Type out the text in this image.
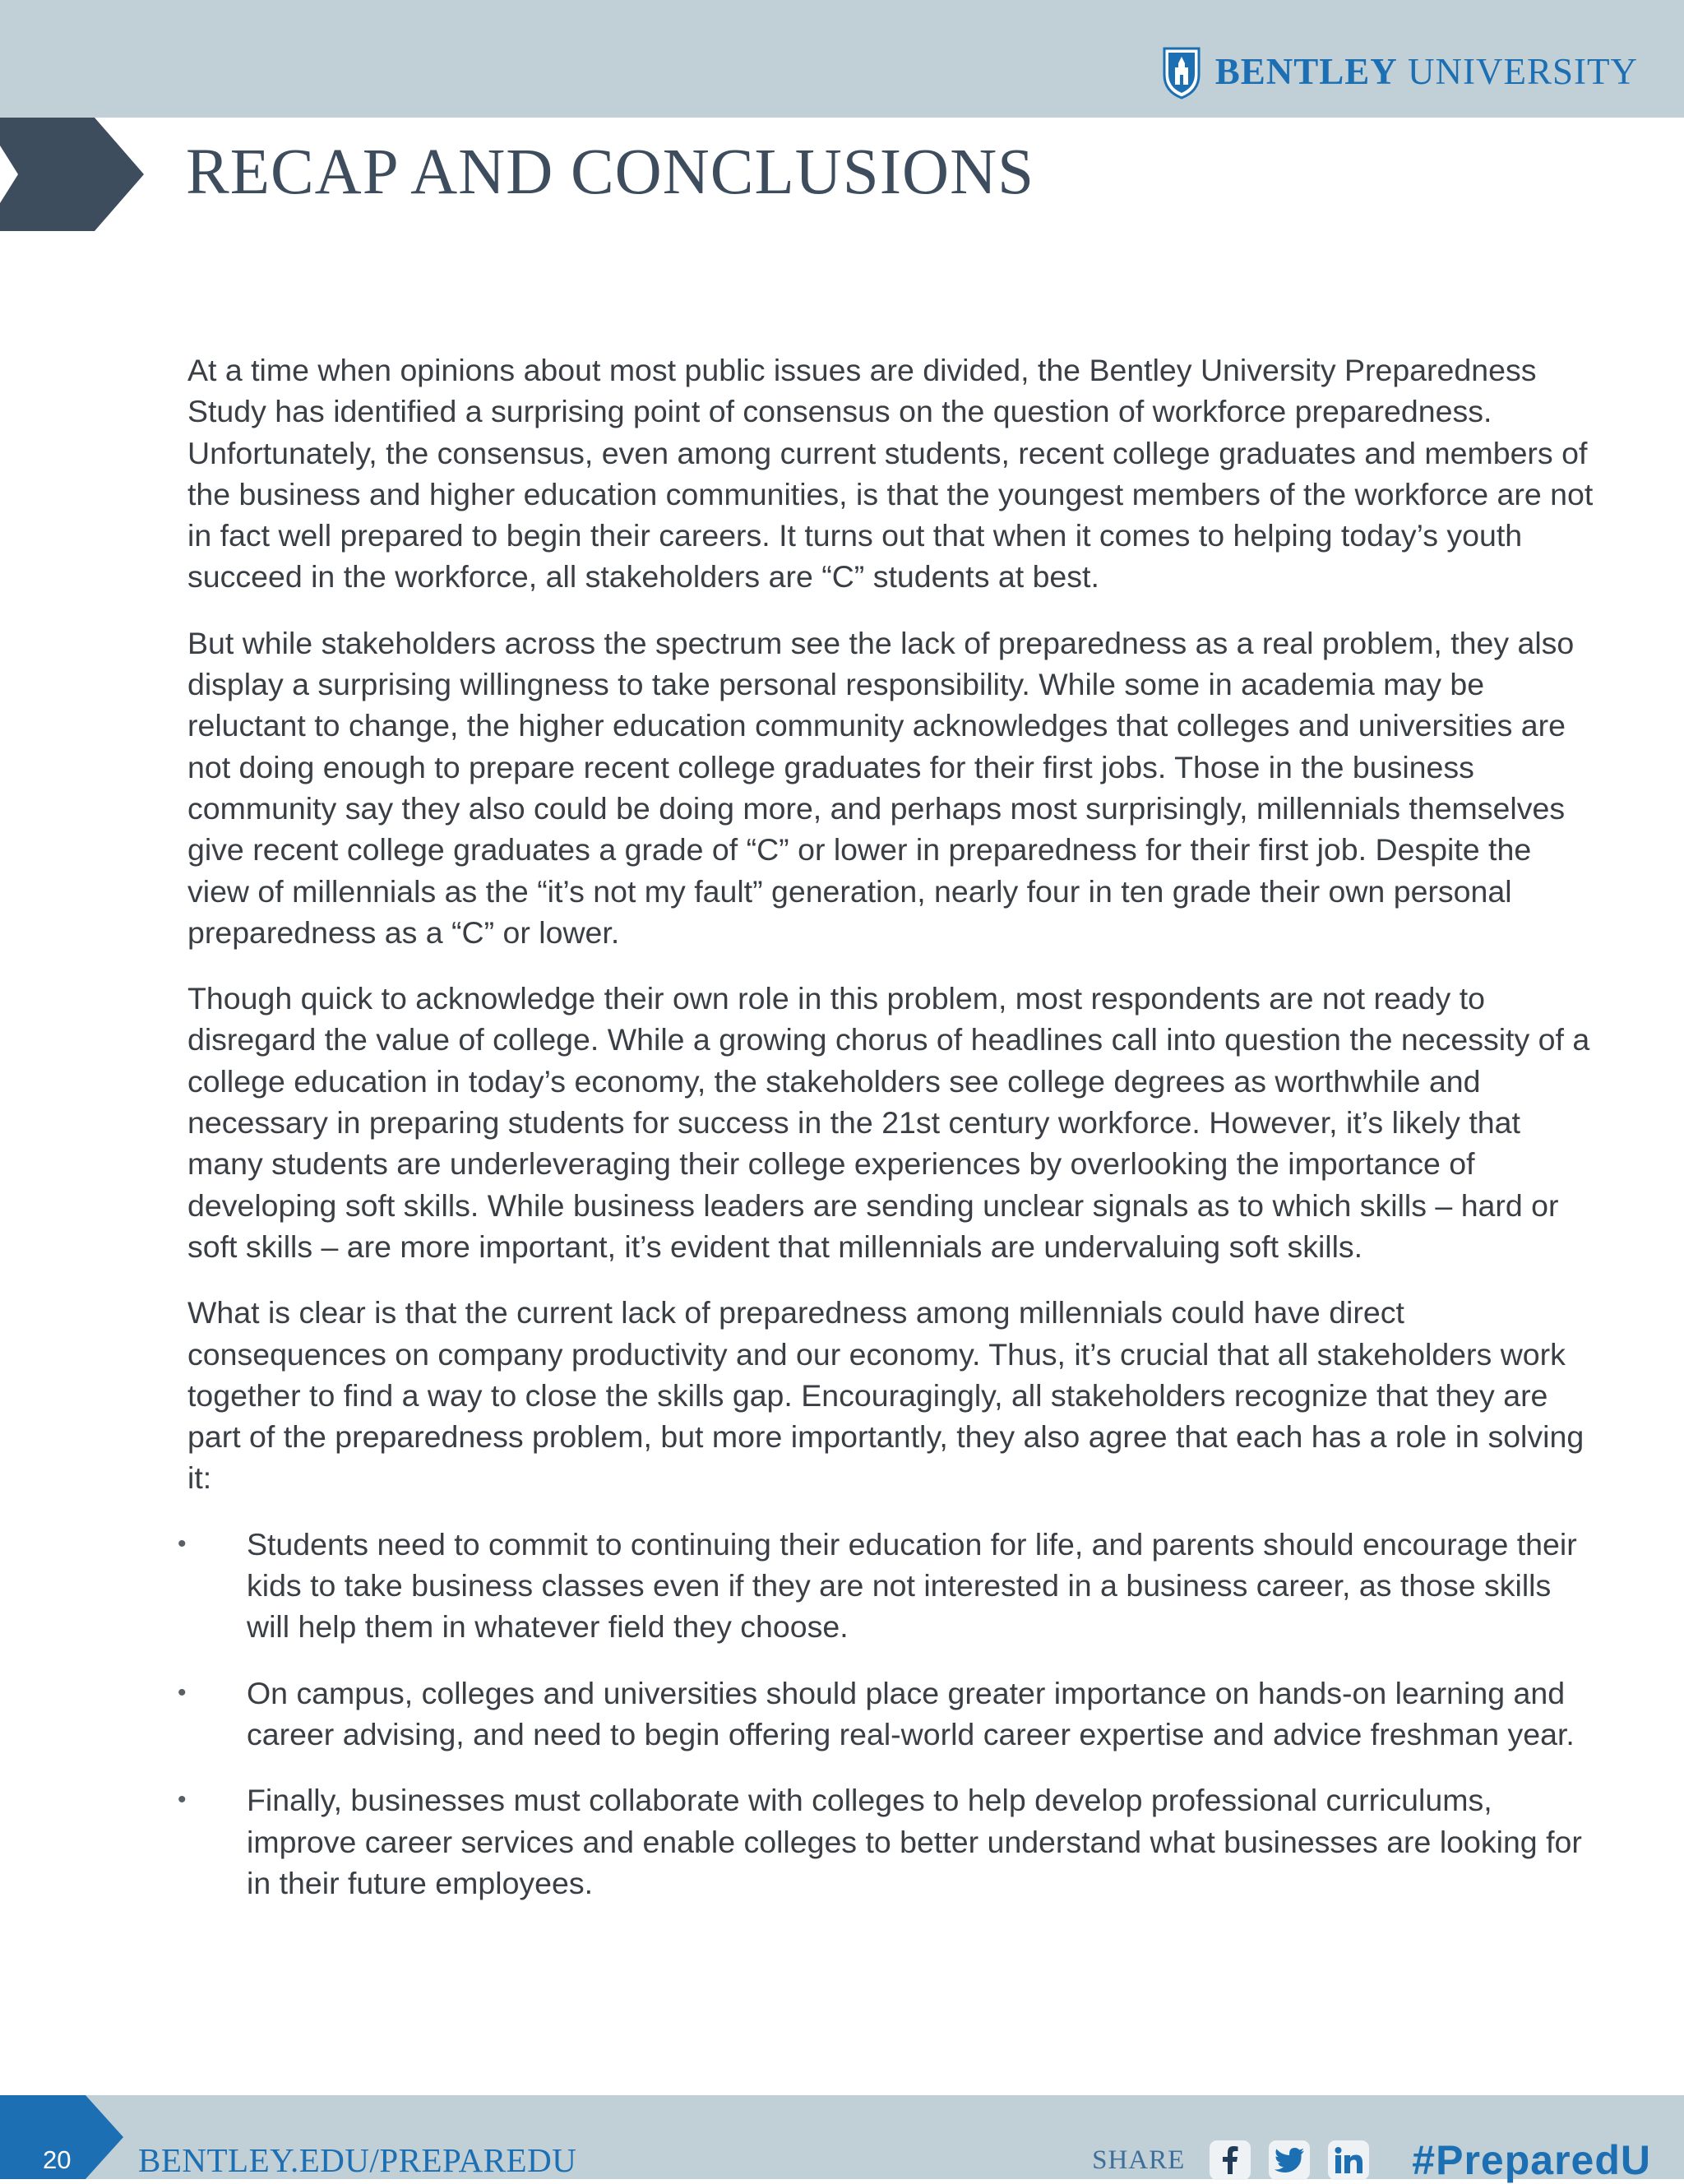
BENTLEY UNIVERSITY
RECAP AND CONCLUSIONS

At a time when opinions about most public issues are divided, the Bentley University Preparedness Study has identified a surprising point of consensus on the question of workforce preparedness. Unfortunately, the consensus, even among current students, recent college graduates and members of the business and higher education communities, is that the youngest members of the workforce are not in fact well prepared to begin their careers. It turns out that when it comes to helping today’s youth succeed in the workforce, all stakeholders are “C” students at best.

But while stakeholders across the spectrum see the lack of preparedness as a real problem, they also display a surprising willingness to take personal responsibility. While some in academia may be reluctant to change, the higher education community acknowledges that colleges and universities are not doing enough to prepare recent college graduates for their first jobs. Those in the business community say they also could be doing more, and perhaps most surprisingly, millennials themselves give recent college graduates a grade of “C” or lower in preparedness for their first job. Despite the view of millennials as the “it’s not my fault” generation, nearly four in ten grade their own personal preparedness as a “C” or lower.

Though quick to acknowledge their own role in this problem, most respondents are not ready to disregard the value of college. While a growing chorus of headlines call into question the necessity of a college education in today’s economy, the stakeholders see college degrees as worthwhile and necessary in preparing students for success in the 21st century workforce. However, it’s likely that many students are underleveraging their college experiences by overlooking the importance of developing soft skills. While business leaders are sending unclear signals as to which skills – hard or soft skills – are more important, it’s evident that millennials are undervaluing soft skills.

What is clear is that the current lack of preparedness among millennials could have direct consequences on company productivity and our economy. Thus, it’s crucial that all stakeholders work together to find a way to close the skills gap. Encouragingly, all stakeholders recognize that they are part of the preparedness problem, but more importantly, they also agree that each has a role in solving it:

• Students need to commit to continuing their education for life, and parents should encourage their kids to take business classes even if they are not interested in a business career, as those skills will help them in whatever field they choose.
• On campus, colleges and universities should place greater importance on hands-on learning and career advising, and need to begin offering real-world career expertise and advice freshman year.
• Finally, businesses must collaborate with colleges to help develop professional curriculums, improve career services and enable colleges to better understand what businesses are looking for in their future employees.
20 BENTLEY.EDU/PREPAREDU	SHARE	#PreparedU
